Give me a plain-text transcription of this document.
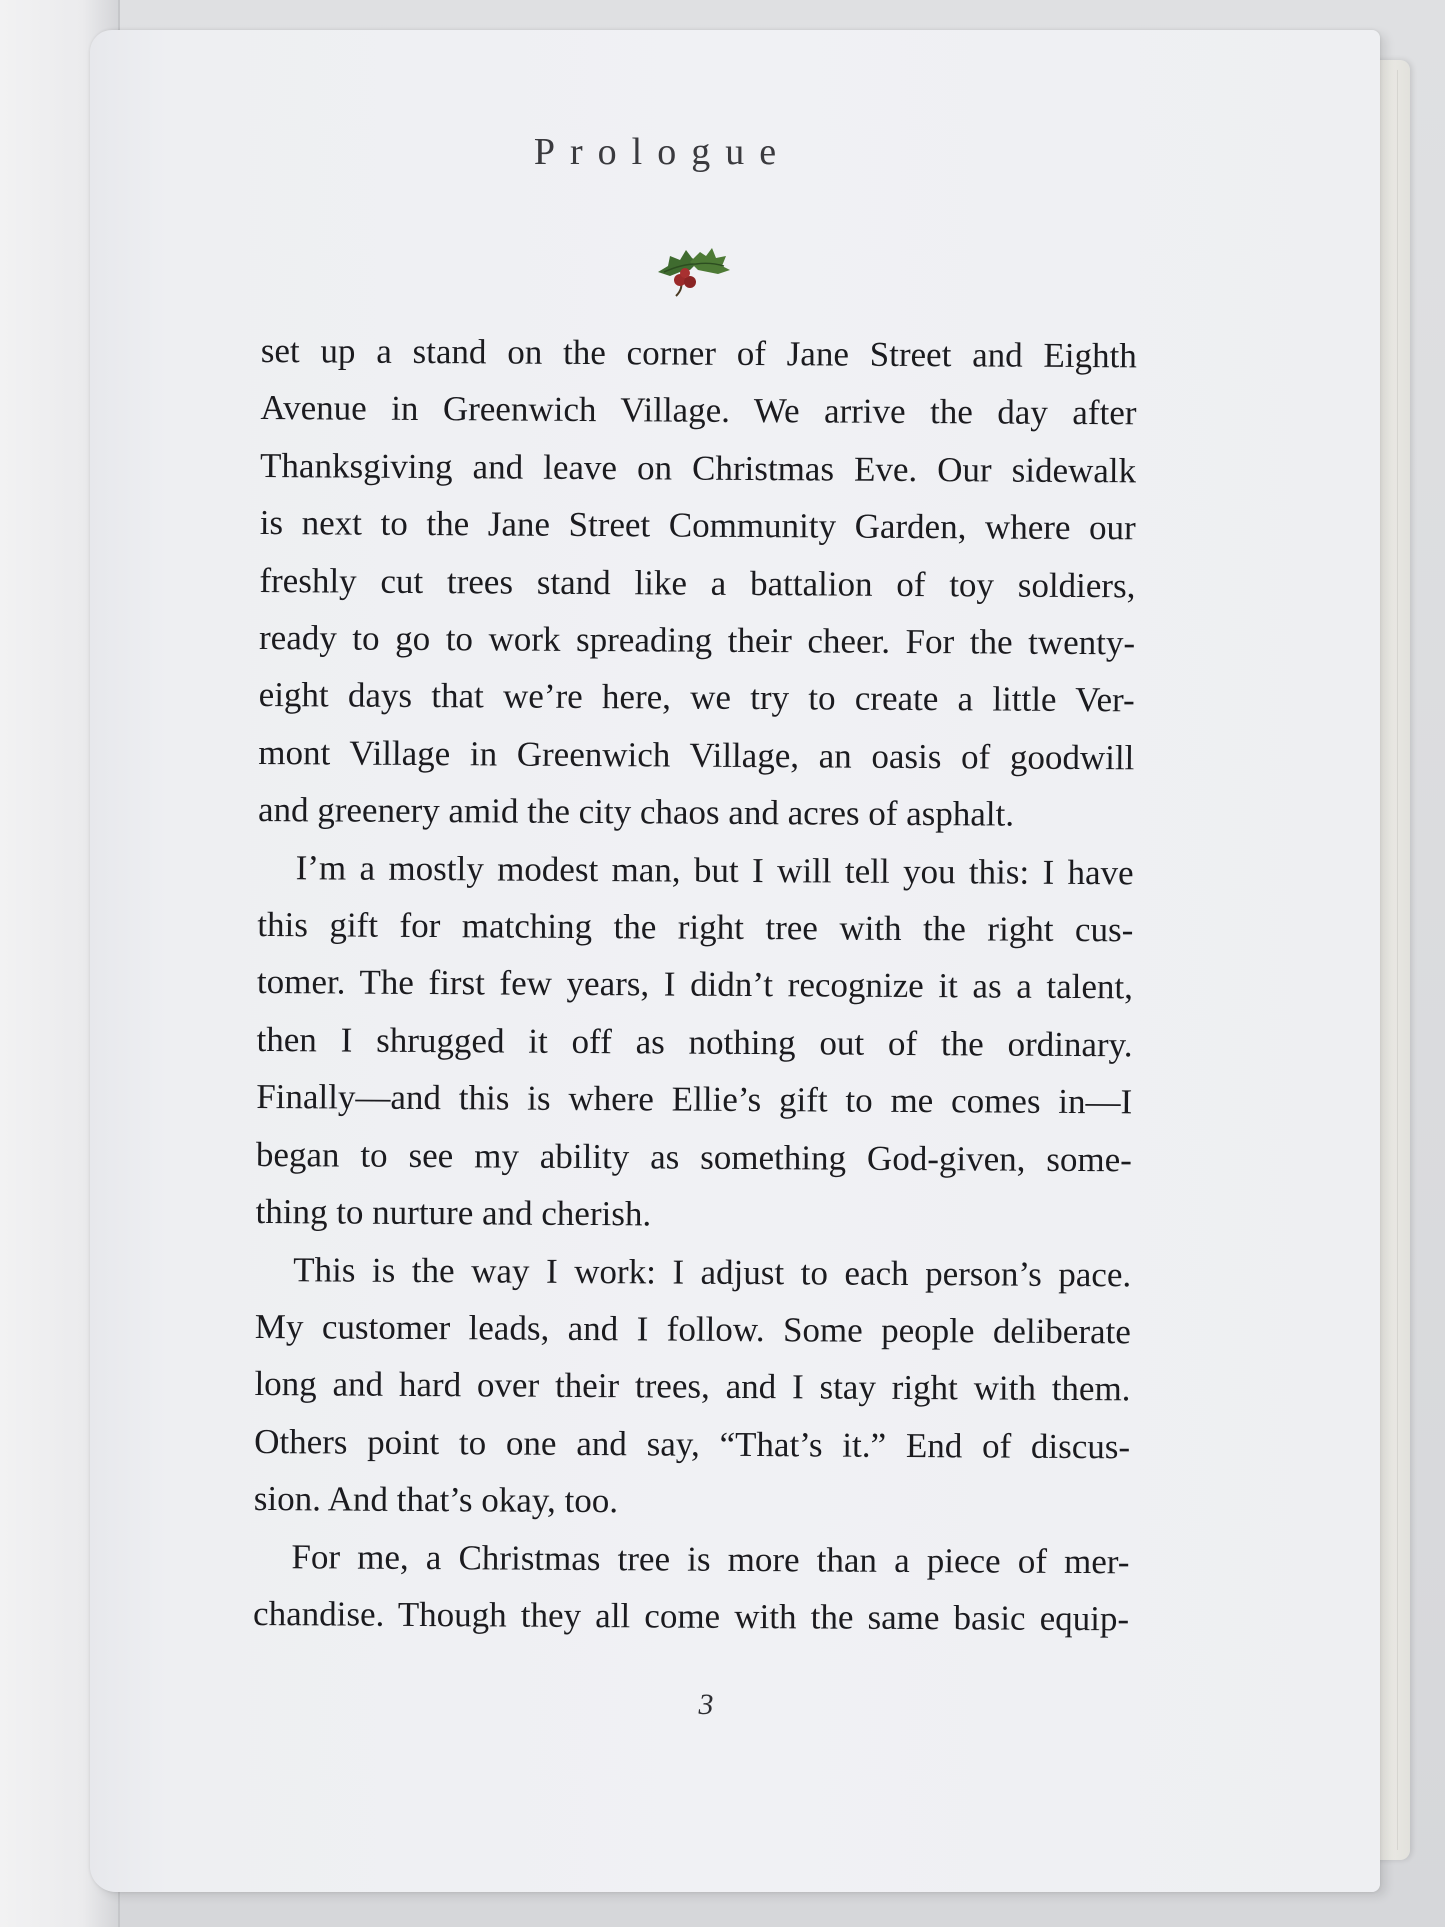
Prologue
set up a stand on the corner of Jane Street and Eighth
Avenue in Greenwich Village. We arrive the day after
Thanksgiving and leave on Christmas Eve. Our sidewalk
is next to the Jane Street Community Garden, where our
freshly cut trees stand like a battalion of toy soldiers,
ready to go to work spreading their cheer. For the twenty-
eight days that we’re here, we try to create a little Ver-
mont Village in Greenwich Village, an oasis of goodwill
and greenery amid the city chaos and acres of asphalt.
I’m a mostly modest man, but I will tell you this: I have
this gift for matching the right tree with the right cus-
tomer. The first few years, I didn’t recognize it as a talent,
then I shrugged it off as nothing out of the ordinary.
Finally—and this is where Ellie’s gift to me comes in—I
began to see my ability as something God-given, some-
thing to nurture and cherish.
This is the way I work: I adjust to each person’s pace.
My customer leads, and I follow. Some people deliberate
long and hard over their trees, and I stay right with them.
Others point to one and say, “That’s it.” End of discus-
sion. And that’s okay, too.
For me, a Christmas tree is more than a piece of mer-
chandise. Though they all come with the same basic equip-
3
